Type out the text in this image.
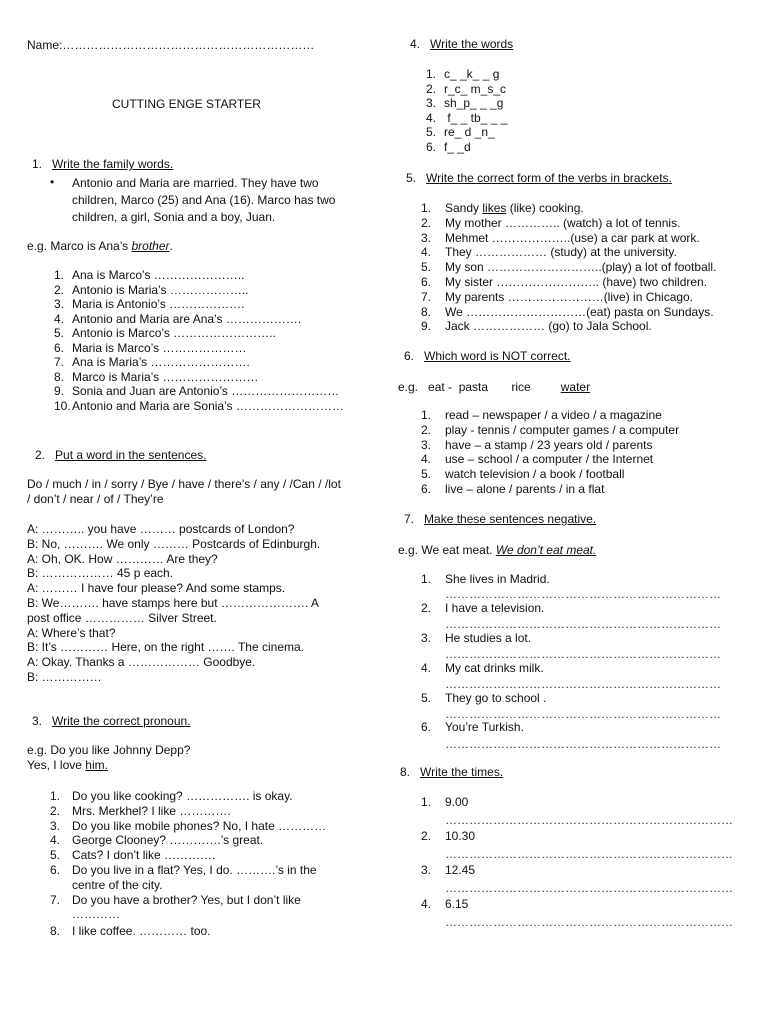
Name:………………………………………………………
CUTTING ENGE STARTER
1. Write the family words.
• Antonio and Maria are married. They have two
children, Marco (25) and Ana (16). Marco has two
children, a girl, Sonia and a boy, Juan.
e.g. Marco is Ana’s brother.
1. Ana is Marco’s …………………..
2. Antonio is Maria’s ………………..
3. Maria is Antonio’s ……………….
4. Antonio and Maria are Ana’s ……………….
5. Antonio is Marco’s ……………………..
6. Maria is Marco’s …………………
7. Ana is Maria’s …………………….
8. Marco is Maria’s ……………………
9. Sonia and Juan are Antonio’s ………………………
10.Antonio and Maria are Sonia’s ………………………
2. Put a word in the sentences.
Do / much / in / sorry / Bye / have / there’s / any / /Can / /lot
/ don’t / near / of / They’re
A: ……….. you have ……… postcards of London?
B: No, ………. We only ……… Postcards of Edinburgh.
A: Oh, OK. How ………… Are they?
B: ……………… 45 p each.
A: ……… I have four please? And some stamps.
B: We………. have stamps here but …………………. A
post office …………… Silver Street.
A: Where’s that?
B: It’s ………… Here, on the right ……. The cinema.
A: Okay. Thanks a ……………… Goodbye.
B: ……………
3. Write the correct pronoun.
e.g. Do you like Johnny Depp?
Yes, I love him.
1. Do you like cooking? ……………. is okay.
2. Mrs. Merkhel? I like ………….
3. Do you like mobile phones? No, I hate …………
4. George Clooney? ………….’s great.
5. Cats? I don’t like ………….
6. Do you live in a flat? Yes, I do. ……….’s in the
centre of the city.
7. Do you have a brother? Yes, but I don’t like
…………
8. I like coffee. ………… too.
4. Write the words
1. c_ _k_ _ g
2. r_c_ m_s_c
3. sh_p_ _ _g
4. f_ _ tb_ _ _
5. re_ d _n_
6. f_ _d
5. Write the correct form of the verbs in brackets.
1. Sandy likes (like) cooking.
2. My mother ………….. (watch) a lot of tennis.
3. Mehmet ………………..(use) a car park at work.
4. They ……………… (study) at the university.
5. My son ………………………..(play) a lot of football.
6. My sister …………………….. (have) two children.
7. My parents ……………………(live) in Chicago.
8. We …………………………(eat) pasta on Sundays.
9. Jack ……………… (go) to Jala School.
6. Which word is NOT correct.
e.g.   eat -  pasta       rice         water
1. read – newspaper / a video / a magazine
2. play - tennis / computer games / a computer
3. have – a stamp / 23 years old / parents
4. use – school / a computer / the Internet
5. watch television / a book / football
6. live – alone / parents / in a flat
7. Make these sentences negative.
e.g. We eat meat. We don’t eat meat.
1. She lives in Madrid.
……………………………………………………………
2. I have a television.
……………………………………………………………
3. He studies a lot.
……………………………………………………………
4. My cat drinks milk.
……………………………………………………………
5. They go to school .
……………………………………………………………
6. You’re Turkish.
……………………………………………………………
8. Write the times.
1. 9.00
………………………………………………………………
2. 10.30
………………………………………………………………
3. 12.45
………………………………………………………………
4. 6.15
………………………………………………………………
